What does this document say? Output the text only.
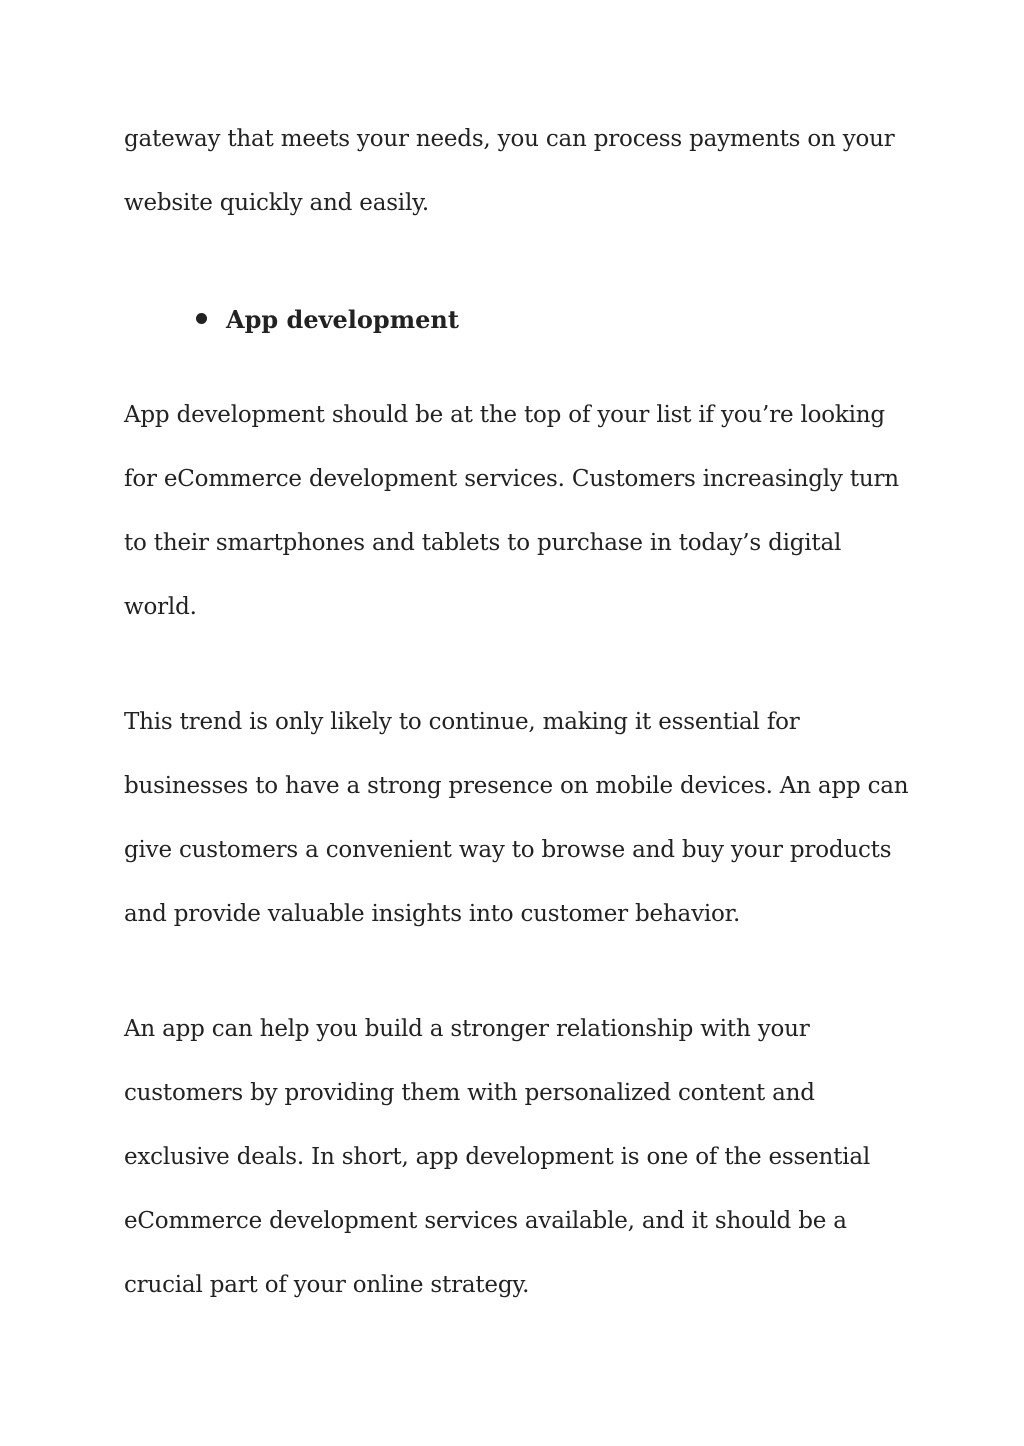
gateway that meets your needs, you can process payments on your
website quickly and easily.
App development
App development should be at the top of your list if you’re looking
for eCommerce development services. Customers increasingly turn
to their smartphones and tablets to purchase in today’s digital
world.
This trend is only likely to continue, making it essential for
businesses to have a strong presence on mobile devices. An app can
give customers a convenient way to browse and buy your products
and provide valuable insights into customer behavior.
An app can help you build a stronger relationship with your
customers by providing them with personalized content and
exclusive deals. In short, app development is one of the essential
eCommerce development services available, and it should be a
crucial part of your online strategy.
